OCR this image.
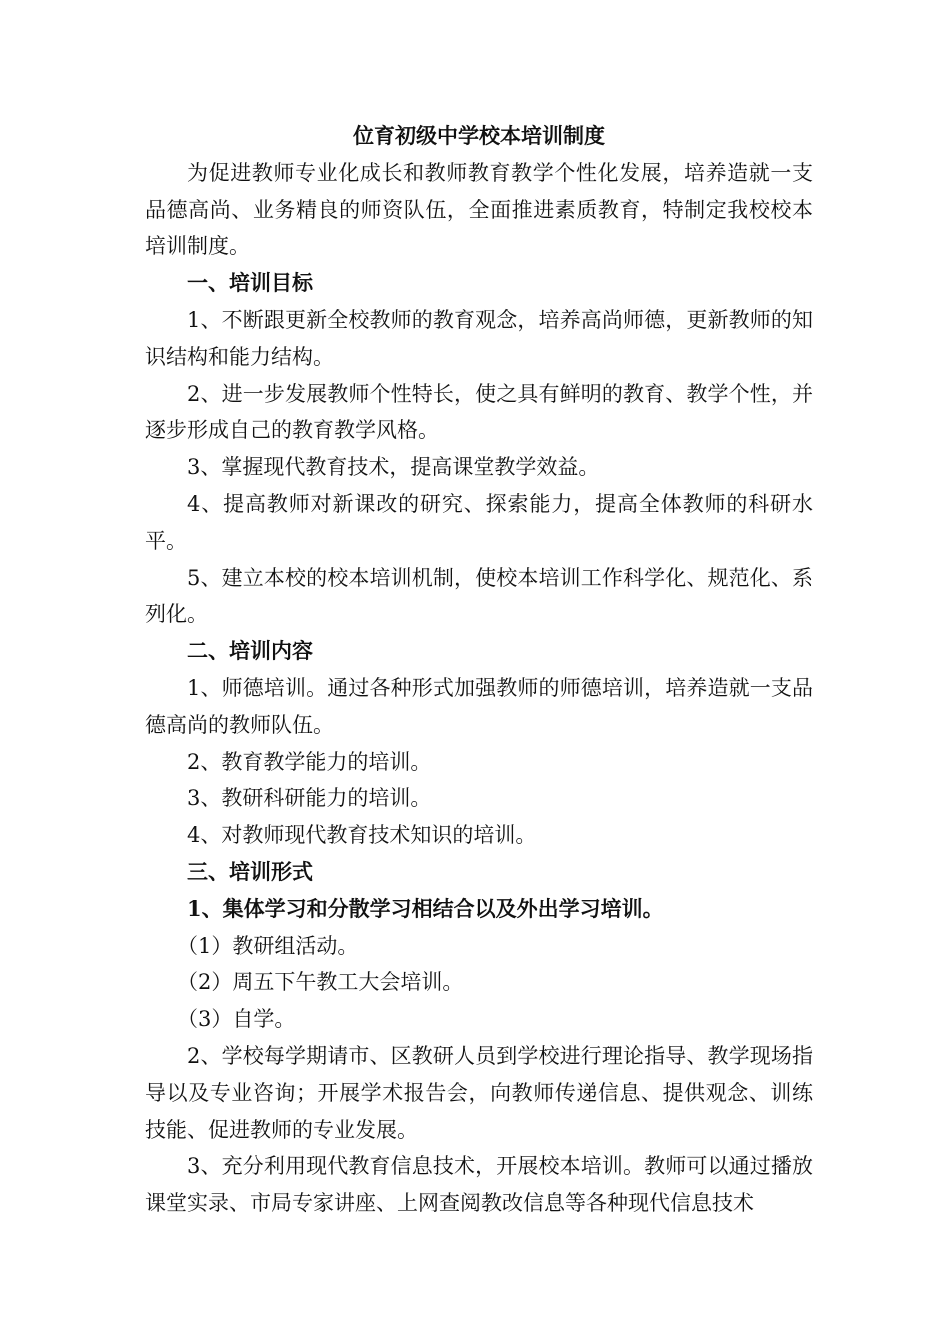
位育初级中学校本培训制度

为促进教师专业化成长和教师教育教学个性化发展，培养造就一支品德高尚、业务精良的师资队伍，全面推进素质教育，特制定我校校本培训制度。

一、培训目标

1、不断跟更新全校教师的教育观念，培养高尚师德，更新教师的知识结构和能力结构。

2、进一步发展教师个性特长，使之具有鲜明的教育、教学个性，并逐步形成自己的教育教学风格。

3、掌握现代教育技术，提高课堂教学效益。

4、提高教师对新课改的研究、探索能力，提高全体教师的科研水平。

5、建立本校的校本培训机制，使校本培训工作科学化、规范化、系列化。

二、培训内容

1、师德培训。通过各种形式加强教师的师德培训，培养造就一支品德高尚的教师队伍。

2、教育教学能力的培训。

3、教研科研能力的培训。

4、对教师现代教育技术知识的培训。

三、培训形式

1、集体学习和分散学习相结合以及外出学习培训。

（1）教研组活动。

（2）周五下午教工大会培训。

（3）自学。

2、学校每学期请市、区教研人员到学校进行理论指导、教学现场指导以及专业咨询；开展学术报告会，向教师传递信息、提供观念、训练技能、促进教师的专业发展。

3、充分利用现代教育信息技术，开展校本培训。教师可以通过播放课堂实录、市局专家讲座、上网查阅教改信息等各种现代信息技术
